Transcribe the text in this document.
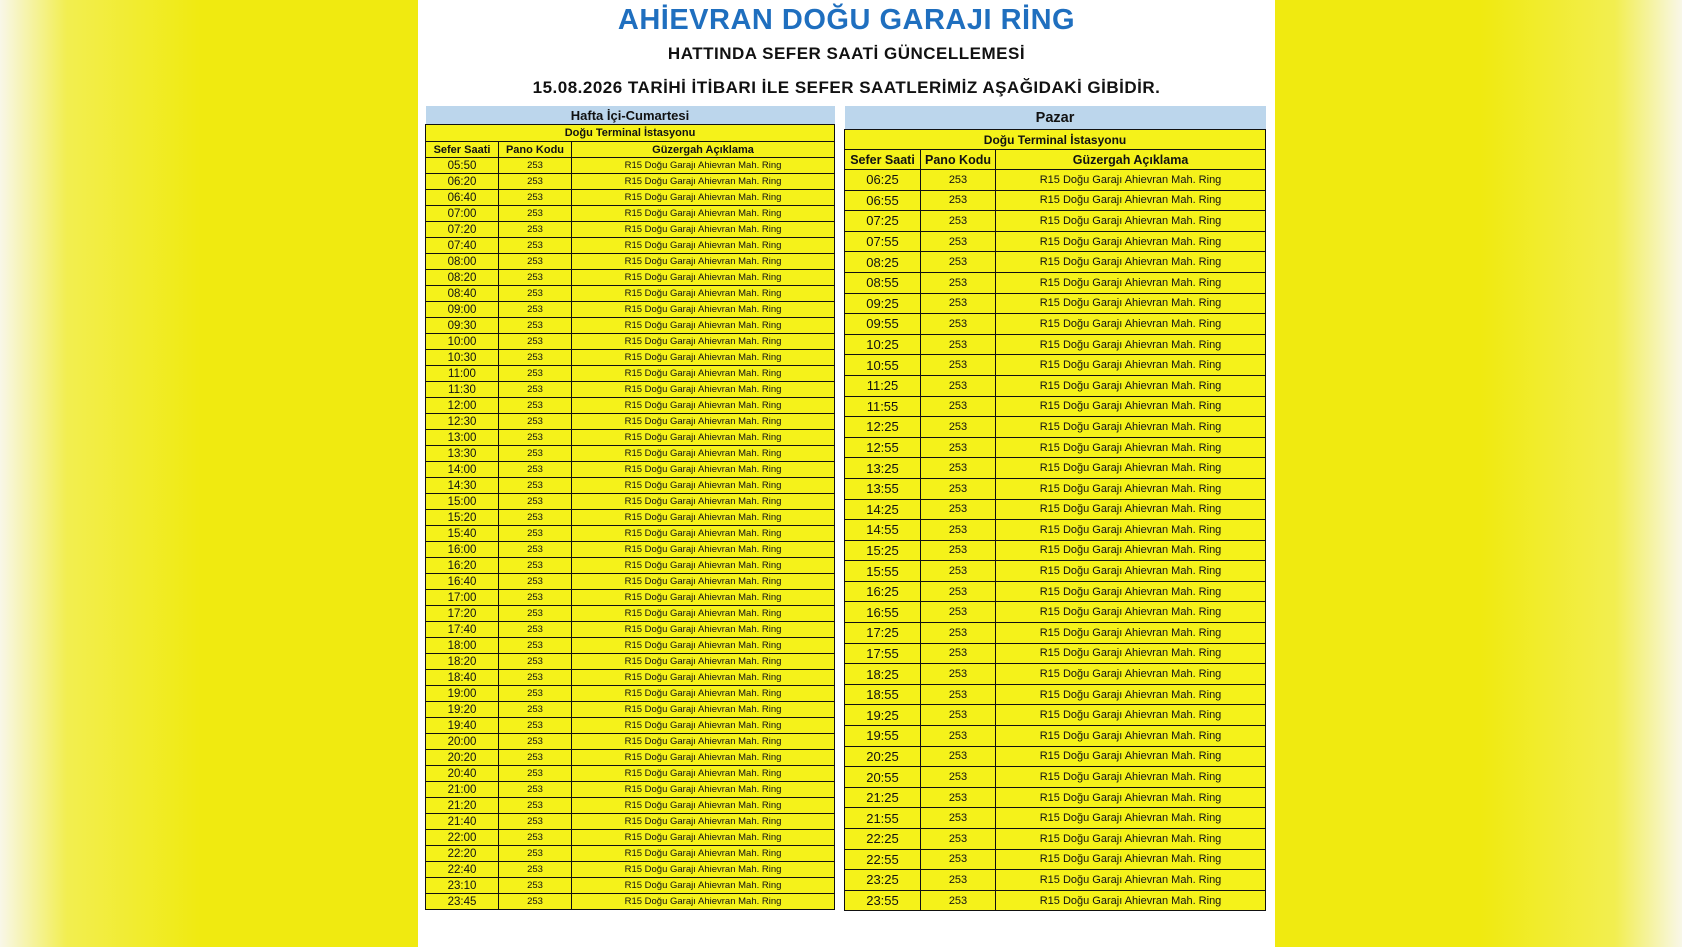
AHİEVRAN DOĞU GARAJI RİNG
HATTINDA SEFER SAATİ GÜNCELLEMESİ
15.08.2026 TARİHİ İTİBARI İLE SEFER SAATLERİMİZ AŞAĞIDAKİ GİBİDİR.
Hafta İçi-Cumartesi		
Doğu Terminal İstasyonu		
Sefer Saati	Pano Kodu	Güzergah Açıklama
05:50	253	R15 Doğu Garajı Ahievran Mah. Ring
06:20	253	R15 Doğu Garajı Ahievran Mah. Ring
06:40	253	R15 Doğu Garajı Ahievran Mah. Ring
07:00	253	R15 Doğu Garajı Ahievran Mah. Ring
07:20	253	R15 Doğu Garajı Ahievran Mah. Ring
07:40	253	R15 Doğu Garajı Ahievran Mah. Ring
08:00	253	R15 Doğu Garajı Ahievran Mah. Ring
08:20	253	R15 Doğu Garajı Ahievran Mah. Ring
08:40	253	R15 Doğu Garajı Ahievran Mah. Ring
09:00	253	R15 Doğu Garajı Ahievran Mah. Ring
09:30	253	R15 Doğu Garajı Ahievran Mah. Ring
10:00	253	R15 Doğu Garajı Ahievran Mah. Ring
10:30	253	R15 Doğu Garajı Ahievran Mah. Ring
11:00	253	R15 Doğu Garajı Ahievran Mah. Ring
11:30	253	R15 Doğu Garajı Ahievran Mah. Ring
12:00	253	R15 Doğu Garajı Ahievran Mah. Ring
12:30	253	R15 Doğu Garajı Ahievran Mah. Ring
13:00	253	R15 Doğu Garajı Ahievran Mah. Ring
13:30	253	R15 Doğu Garajı Ahievran Mah. Ring
14:00	253	R15 Doğu Garajı Ahievran Mah. Ring
14:30	253	R15 Doğu Garajı Ahievran Mah. Ring
15:00	253	R15 Doğu Garajı Ahievran Mah. Ring
15:20	253	R15 Doğu Garajı Ahievran Mah. Ring
15:40	253	R15 Doğu Garajı Ahievran Mah. Ring
16:00	253	R15 Doğu Garajı Ahievran Mah. Ring
16:20	253	R15 Doğu Garajı Ahievran Mah. Ring
16:40	253	R15 Doğu Garajı Ahievran Mah. Ring
17:00	253	R15 Doğu Garajı Ahievran Mah. Ring
17:20	253	R15 Doğu Garajı Ahievran Mah. Ring
17:40	253	R15 Doğu Garajı Ahievran Mah. Ring
18:00	253	R15 Doğu Garajı Ahievran Mah. Ring
18:20	253	R15 Doğu Garajı Ahievran Mah. Ring
18:40	253	R15 Doğu Garajı Ahievran Mah. Ring
19:00	253	R15 Doğu Garajı Ahievran Mah. Ring
19:20	253	R15 Doğu Garajı Ahievran Mah. Ring
19:40	253	R15 Doğu Garajı Ahievran Mah. Ring
20:00	253	R15 Doğu Garajı Ahievran Mah. Ring
20:20	253	R15 Doğu Garajı Ahievran Mah. Ring
20:40	253	R15 Doğu Garajı Ahievran Mah. Ring
21:00	253	R15 Doğu Garajı Ahievran Mah. Ring
21:20	253	R15 Doğu Garajı Ahievran Mah. Ring
21:40	253	R15 Doğu Garajı Ahievran Mah. Ring
22:00	253	R15 Doğu Garajı Ahievran Mah. Ring
22:20	253	R15 Doğu Garajı Ahievran Mah. Ring
22:40	253	R15 Doğu Garajı Ahievran Mah. Ring
23:10	253	R15 Doğu Garajı Ahievran Mah. Ring
23:45	253	R15 Doğu Garajı Ahievran Mah. Ring
Pazar		
Doğu Terminal İstasyonu		
Sefer Saati	Pano Kodu	Güzergah Açıklama
06:25	253	R15 Doğu Garajı Ahievran Mah. Ring
06:55	253	R15 Doğu Garajı Ahievran Mah. Ring
07:25	253	R15 Doğu Garajı Ahievran Mah. Ring
07:55	253	R15 Doğu Garajı Ahievran Mah. Ring
08:25	253	R15 Doğu Garajı Ahievran Mah. Ring
08:55	253	R15 Doğu Garajı Ahievran Mah. Ring
09:25	253	R15 Doğu Garajı Ahievran Mah. Ring
09:55	253	R15 Doğu Garajı Ahievran Mah. Ring
10:25	253	R15 Doğu Garajı Ahievran Mah. Ring
10:55	253	R15 Doğu Garajı Ahievran Mah. Ring
11:25	253	R15 Doğu Garajı Ahievran Mah. Ring
11:55	253	R15 Doğu Garajı Ahievran Mah. Ring
12:25	253	R15 Doğu Garajı Ahievran Mah. Ring
12:55	253	R15 Doğu Garajı Ahievran Mah. Ring
13:25	253	R15 Doğu Garajı Ahievran Mah. Ring
13:55	253	R15 Doğu Garajı Ahievran Mah. Ring
14:25	253	R15 Doğu Garajı Ahievran Mah. Ring
14:55	253	R15 Doğu Garajı Ahievran Mah. Ring
15:25	253	R15 Doğu Garajı Ahievran Mah. Ring
15:55	253	R15 Doğu Garajı Ahievran Mah. Ring
16:25	253	R15 Doğu Garajı Ahievran Mah. Ring
16:55	253	R15 Doğu Garajı Ahievran Mah. Ring
17:25	253	R15 Doğu Garajı Ahievran Mah. Ring
17:55	253	R15 Doğu Garajı Ahievran Mah. Ring
18:25	253	R15 Doğu Garajı Ahievran Mah. Ring
18:55	253	R15 Doğu Garajı Ahievran Mah. Ring
19:25	253	R15 Doğu Garajı Ahievran Mah. Ring
19:55	253	R15 Doğu Garajı Ahievran Mah. Ring
20:25	253	R15 Doğu Garajı Ahievran Mah. Ring
20:55	253	R15 Doğu Garajı Ahievran Mah. Ring
21:25	253	R15 Doğu Garajı Ahievran Mah. Ring
21:55	253	R15 Doğu Garajı Ahievran Mah. Ring
22:25	253	R15 Doğu Garajı Ahievran Mah. Ring
22:55	253	R15 Doğu Garajı Ahievran Mah. Ring
23:25	253	R15 Doğu Garajı Ahievran Mah. Ring
23:55	253	R15 Doğu Garajı Ahievran Mah. Ring
